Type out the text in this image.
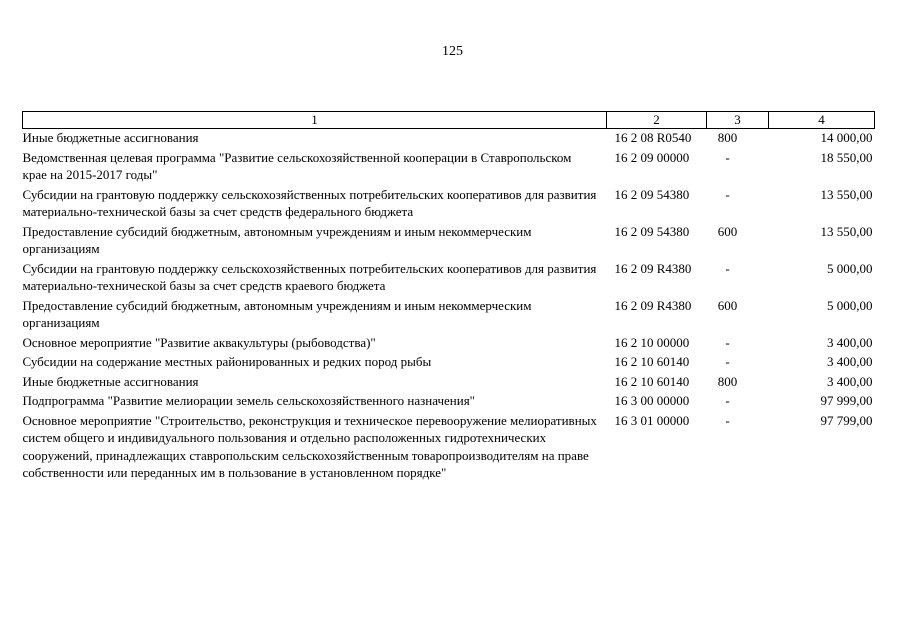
125
1	2	3	4
Иные бюджетные ассигнования	16 2 08 R0540	800	14 000,00
Ведомственная целевая программа "Развитие сельскохозяйственной кооперации в Ставропольском крае на 2015-2017 годы"	16 2 09 00000	-	18 550,00
Субсидии на грантовую поддержку сельскохозяйственных потребительских кооперативов для развития материально-технической базы за счет средств федерального бюджета	16 2 09 54380	-	13 550,00
Предоставление субсидий бюджетным, автономным учреждениям и иным некоммерческим организациям	16 2 09 54380	600	13 550,00
Субсидии на грантовую поддержку сельскохозяйственных потребительских кооперативов для развития материально-технической базы за счет средств краевого бюджета	16 2 09 R4380	-	5 000,00
Предоставление субсидий бюджетным, автономным учреждениям и иным некоммерческим организациям	16 2 09 R4380	600	5 000,00
Основное мероприятие "Развитие аквакультуры (рыбоводства)"	16 2 10 00000	-	3 400,00
Субсидии на содержание местных районированных и редких пород рыбы	16 2 10 60140	-	3 400,00
Иные бюджетные ассигнования	16 2 10 60140	800	3 400,00
Подпрограмма "Развитие мелиорации земель сельскохозяйственного назначения"	16 3 00 00000	-	97 999,00
Основное мероприятие "Строительство, реконструкция и техническое перевооружение мелиоративных систем общего и индивидуального пользования и отдельно расположенных гидротехнических сооружений, принадлежащих ставропольским сельскохозяйственным товаропроизводителям на праве собственности или переданных им в пользование в установленном порядке"	16 3 01 00000	-	97 799,00
